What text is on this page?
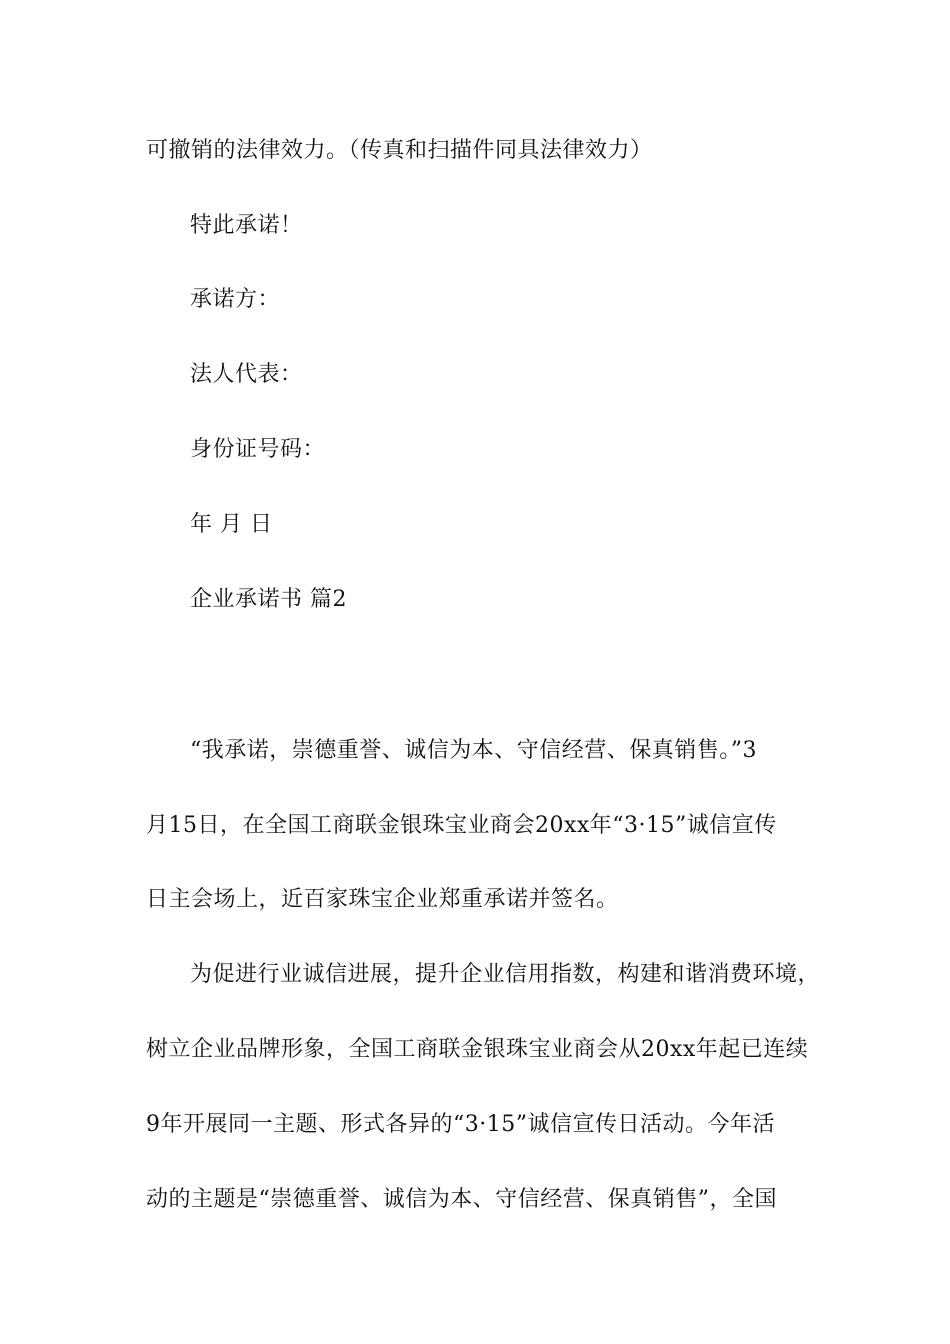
可撤销的法律效力。（传真和扫描件同具法律效力）
特此承诺！
承诺方：
法人代表：
身份证号码：
年 月 日
企业承诺书 篇2
“我承诺，崇德重誉、诚信为本、守信经营、保真销售。”3
月15日，在全国工商联金银珠宝业商会20xx年“3·15”诚信宣传
日主会场上，近百家珠宝企业郑重承诺并签名。
为促进行业诚信进展，提升企业信用指数，构建和谐消费环境，
树立企业品牌形象，全国工商联金银珠宝业商会从20xx年起已连续
9年开展同一主题、形式各异的“3·15”诚信宣传日活动。今年活
动的主题是“崇德重誉、诚信为本、守信经营、保真销售”，全国
